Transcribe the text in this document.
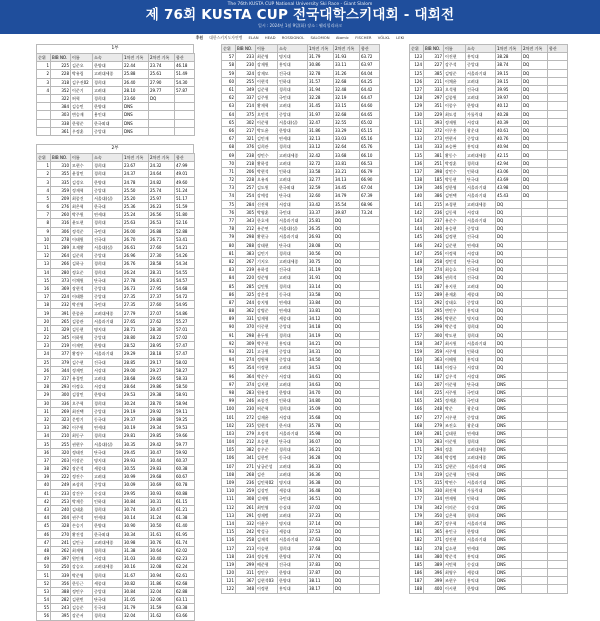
The 76th KUSTA CUP National University Ski Race - Giant Slalom
제 76회 KUSTA CUP 전국대학스키대회 - 대회전
일시 : 2024년 1월 9일(화) 장소 : 웰리힐리파크
후원 대한스키지도자연맹 ELAN HEAD ROSSIGNOL SALOMON Atomic FISCHER VÖLKL LEKI
1부
순위	BIB NO.	이름	소속	1차전 기록	2차전 기록	합산
1	225	김준오	한양대	22.44	23.74	46.18
2	228	박유림	고려대세종	25.88	25.61	51.49
3	318	김우진02	경희대	26.40	27.90	54.30
4	352	이준기	고려대	28.10	29.77	57.87
	322	허혁	경희대	23.60	DQ	
	384	김승민	한양대	DNS		
	303	변승재	용인대	DNS		
	338	한형준	한국외대	DNS		
	361	우정훈	중앙대	DNS		
2부
순위	BIB NO.	이름	소속	1차전 기록	2차전 기록	합산
1	310	모현수	경희대	23.67	24.32	47.99
2	355	윤창민	경희대	24.37	24.64	49.01
3	335	김성오	한양대	24.78	24.82	49.60
4	359	정재혁	중앙대	25.50	25.74	51.24
5	209	최종건	서울대(실)	25.20	25.97	51.17
6	276	최은혁	한국대	25.36	26.23	51.59
7	260	박주원	연세대	25.24	26.56	51.80
8	316	윤도현	경희대	25.63	26.53	52.16
9	306	정석준	국민대	26.00	26.88	52.88
10	278	이태원	건국대	26.70	26.71	53.41
11	289	오재황	서울대(실)	26.61	27.60	54.21
12	264	김준희	중앙대	26.96	27.30	54.26
13	266	김하규	경희대	26.76	28.58	54.34
14	280	정호준	경희대	26.24	28.31	54.55
15	373	이채원	단국대	27.78	26.81	54.57
16	369	장현석	중앙대	26.73	27.95	54.68
17	224	이태환	중앙대	27.35	27.37	54.72
18	232	박선영	국민대	27.35	27.60	54.95
19	391	한종윤	고려대세종	27.79	27.07	54.86
20	265	김종관	서울과기대	27.65	27.62	55.27
21	329	김동현	명지대	28.71	28.30	57.01
22	345	이하원	중앙대	28.80	28.22	57.02
23	219	이재민	한양대	28.52	28.95	57.47
24	377	황정우	서울과기대	29.29	28.18	57.47
25	379	김수현	건국대	28.85	29.17	58.02
26	344	정재민	서강대	29.00	29.27	58.27
27	317	유경민	고려대	28.68	29.65	58.33
28	293	이정호	서강대	28.64	29.86	58.50
29	300	김창민	한양대	29.53	29.38	58.91
30	336	오주혁	경희대	30.24	28.70	58.94
31	269	최진택	중앙대	29.19	29.92	59.11
32	323	문범기	동국대	29.37	29.88	59.25
33	392	이주원	연세대	30.19	29.34	59.53
34	210	최동구	경희대	29.81	29.85	59.66
35	255	권현우	서울대(실)	30.35	29.42	59.77
36	320	정태진	단국대	29.45	30.47	59.92
37	203	이상준	명지대	29.93	30.44	60.37
38	292	장준석	세종대	30.55	29.83	60.38
39	222	정진수	고려대	30.99	29.68	60.67
40	249	조상희	중앙대	30.09	30.69	60.78
41	233	강건우	숭실대	29.95	30.93	60.88
42	253	박재웅	인하대	30.84	30.31	61.15
43	240	김태훈	경희대	30.74	30.47	61.21
44	204	권주석	연세대	30.14	31.24	61.38
45	328	손승기	한양대	30.90	30.50	61.40
46	270	황진성	한국외대	30.34	31.61	61.95
47	241	김민규	고려대세종	30.98	30.76	61.74
48	262	최재영	경희대	31.38	30.64	62.02
49	397	원민재	서강대	31.03	30.40	62.23
50	250	강승오	고려대세종	30.16	32.08	62.24
51	339	박준영	경희대	31.67	30.94	62.61
52	356	한동근	세종대	30.82	31.86	62.68
53	388	정민우	중앙대	30.84	32.04	62.88
54	282	김현빈	단국대	31.05	32.06	63.11
55	243	김승준	동국대	31.79	31.59	63.38
56	395	강준서	경희대	32.04	31.62	63.66
순위	BIB NO.	이름	소속	1차전 기록	2차전 기록	합산
57	233	최준영	명지대	31.79	31.93	63.72
58	230	강재원	홍익대	30.86	33.11	63.97
59	324	강재모	건국대	32.78	31.26	64.04
60	255	이현석	인하대	31.57	32.68	64.25
61	349	김준형	경희대	31.94	32.48	64.42
62	337	김주원	국민대	32.28	32.19	64.47
63	214	황재혁	고려대	31.45	33.15	64.60
64	375	오민석	중앙대	31.97	32.68	64.65
65	302	이준형	서울대(실)	32.47	32.55	65.02
66	217	박도윤	한양대	31.86	33.29	65.15
67	321	김민재	연세대	32.13	33.03	65.16
68	376	김희관	경희대	33.12	32.64	65.76
69	238	정민수	고려대세종	32.42	33.68	66.10
70	218	황하성	고려대	32.72	33.81	66.53
71	206	박현석	인하대	33.58	33.21	66.79
72	228	오유직	고려대	32.77	34.13	66.90
73	257	김도원	한국외대	32.59	34.45	67.04
74	254	강예성	단국대	32.60	34.79	67.39
75	284	신진혁	서강대	33.42	35.54	68.96
76	305	박영훈	국민대	33.37	39.87	73.24
77	343	한호세	서울과기대	25.81	DQ	
78	212	유준연	서울대(실)	26.35	DQ	
79	298	황현규	서울과기대	26.93	DQ	
80	288	강태현	단국대	28.08	DQ	
81	383	김민기	경희대	30.56	DQ	
82	267	기지오	고려대세종	30.75	DQ	
83	239	유하성	건국대	31.19	DQ	
84	220	정준영	고려대	31.91	DQ	
85	285	김민원	경희대	33.14	DQ	
86	325	강은성	동국대	33.58	DQ	
87	244	송지영	연세대	33.84	DQ	
88	362	강병준	연세대	33.81	DQ	
89	331	임재형	세종대	34.12	DQ	
90	370	이중현	중앙대	34.18	DQ	
91	298	윤두원	경희대	34.19	DQ	
92	309	박주헌	홍익대	34.21	DQ	
93	221	고규원	중앙대	34.31	DQ	
94	274	정원혁	중앙대	34.50	DQ	
95	354	이정현	고려대	34.53	DQ	
96	364	박준우	서강대	34.61	DQ	
97	374	김지현	고려대	34.63	DQ	
98	283	원유성	한양대	34.70	DQ	
99	246	조종건	인하대	34.80	DQ	
100	230	허준혁	경희대	35.09	DQ	
101	272	김재윤	서강대	35.68	DQ	
102	235	엄현석	한서대	35.78	DQ	
103	279	오정석	서울과기대	35.98	DQ	
104	212	오승현	단국대	36.07	DQ	
105	382	송우준	경희대	36.21	DQ	
106	341	김한빈	동국대	36.28	DQ	
107	271	남궁준성	고려대	36.33	DQ	
108	268	김산	고려대	36.36	DQ	
109	236	김민혁02	명지대	36.38	DQ	
110	259	김상민	세종대	36.48	DQ	
111	308	김재원	국민대	36.51	DQ	
112	261	최민영	숭실대	37.02	DQ	
113	291	정재범	고려대	37.23	DQ	
114	332	이윤우	명지대	37.14	DQ	
115	242	박성규	세종대	37.53	DQ	
116	258	김재석	서울과기대	37.63	DQ	
117	213	이승현	경희대	37.68	DQ	
118	234	정승원	한양대	37.74	DQ	
119	299	배준형	건국대	37.83	DQ	
120	311	정민우	한양대	37.87	DQ	
121	367	김현석03	한양대	38.11	DQ	
122	348	이정현	홍익대	38.17	DQ	
순위	BIB NO.	이름	소속	1차전 기록	2차전 기록	합산
123	317	이진현	홍익대	38.28	DQ	
124	227	강주석	중앙대	38.74	DQ	
125	385	김명준	서울과기대	39.15	DQ	
126	211	이채윤	고려대	39.15	DQ	
127	333	오석형	건국대	39.95	DQ	
128	297	김종원	고려대	39.97	DQ	
129	351	이종우	한양대	40.12	DQ	
130	229	최도성	가톨릭대	40.28	DQ	
131	393	정재원	서강대	40.39	DQ	
132	372	이무홍	광운대	40.61	DQ	
133	273	변현서	중앙대	40.76	DQ	
134	333	조승완	홍익대	40.94	DQ	
135	381	황동수	고려대세종	42.15	DQ	
136	251	박정훈	경희대	42.94	DQ	
137	398	강민수	인하대	43.06	DQ	
138	185	박동현	단국대	43.69	DQ	
139	346	정한영	서울과기대	43.98	DQ	
140	386	김연택	서울과기대	45.43	DQ	
141	215	조경현	고려대세종	DQ		
142	236	김동혁	서강대	DQ		
143	237	유준수	서울과기대	DQ		
144	240	유승현	중앙대	DQ		
145	246	김정현	건국대	DQ		
146	242	김준현	연세대	DQ		
147	256	이정혁	서강대	DQ		
148	258	정민성	단국대	DQ		
149	274	최승호	건국대	DQ		
150	286	권희석	건국대	DQ		
151	287	유지헌	고려대	DQ		
152	289	윤재훈	세종대	DQ		
153	292	강태호	중앙대	DQ		
154	295	변민우	홍익대	DQ		
155	296	박현준	명지대	DQ		
156	299	박준성	경희대	DQ		
157	300	박도현	경희대	DQ		
158	347	최시원	서울과기대	DQ		
159	359	서주영	인하대	DQ		
160	363	이해원	홍익대	DQ		
161	184	이정규	서강대	DQ		
162	187	김우석	서강대	DNS		
163	207	이준형	단국대	DNS		
164	225	서주원	국민대	DNS		
165	245	정재훈	국민대	DNS		
166	248	박준	광운대	DNS		
167	277	서우현	중앙대	DNS		
168	279	조진호	광운대	DNS		
169	281	김태헌	연세대	DNS		
170	283	이준원	경희대	DNS		
171	294	정훈	고려대세종	DNS		
172	304	박성범	고려대세종	DNS		
173	315	김현준	서울과기대	DNS		
174	319	김준형	인하대	DNS		
175	315	박연수	서울과기대	DNS		
176	330	최진혁	가톨릭대	DNS		
177	334	변재원	인하대	DNS		
178	342	이의준	숭실대	DNS		
179	350	김은혁	경희대	DNS		
180	357	정우혁	서울과기대	DNS		
181	365	유민규	한양대	DNS		
182	371	정진현	서울과기대	DNS		
183	378	김소현	연세대	DNS		
184	380	박준석	홍익대	DNS		
185	389	서민혁	숭실대	DNS		
186	396	최영우	세종대	DNS		
187	399	조현우	홍익대	DNS		
188	400	이시현	한양대	DNS		
